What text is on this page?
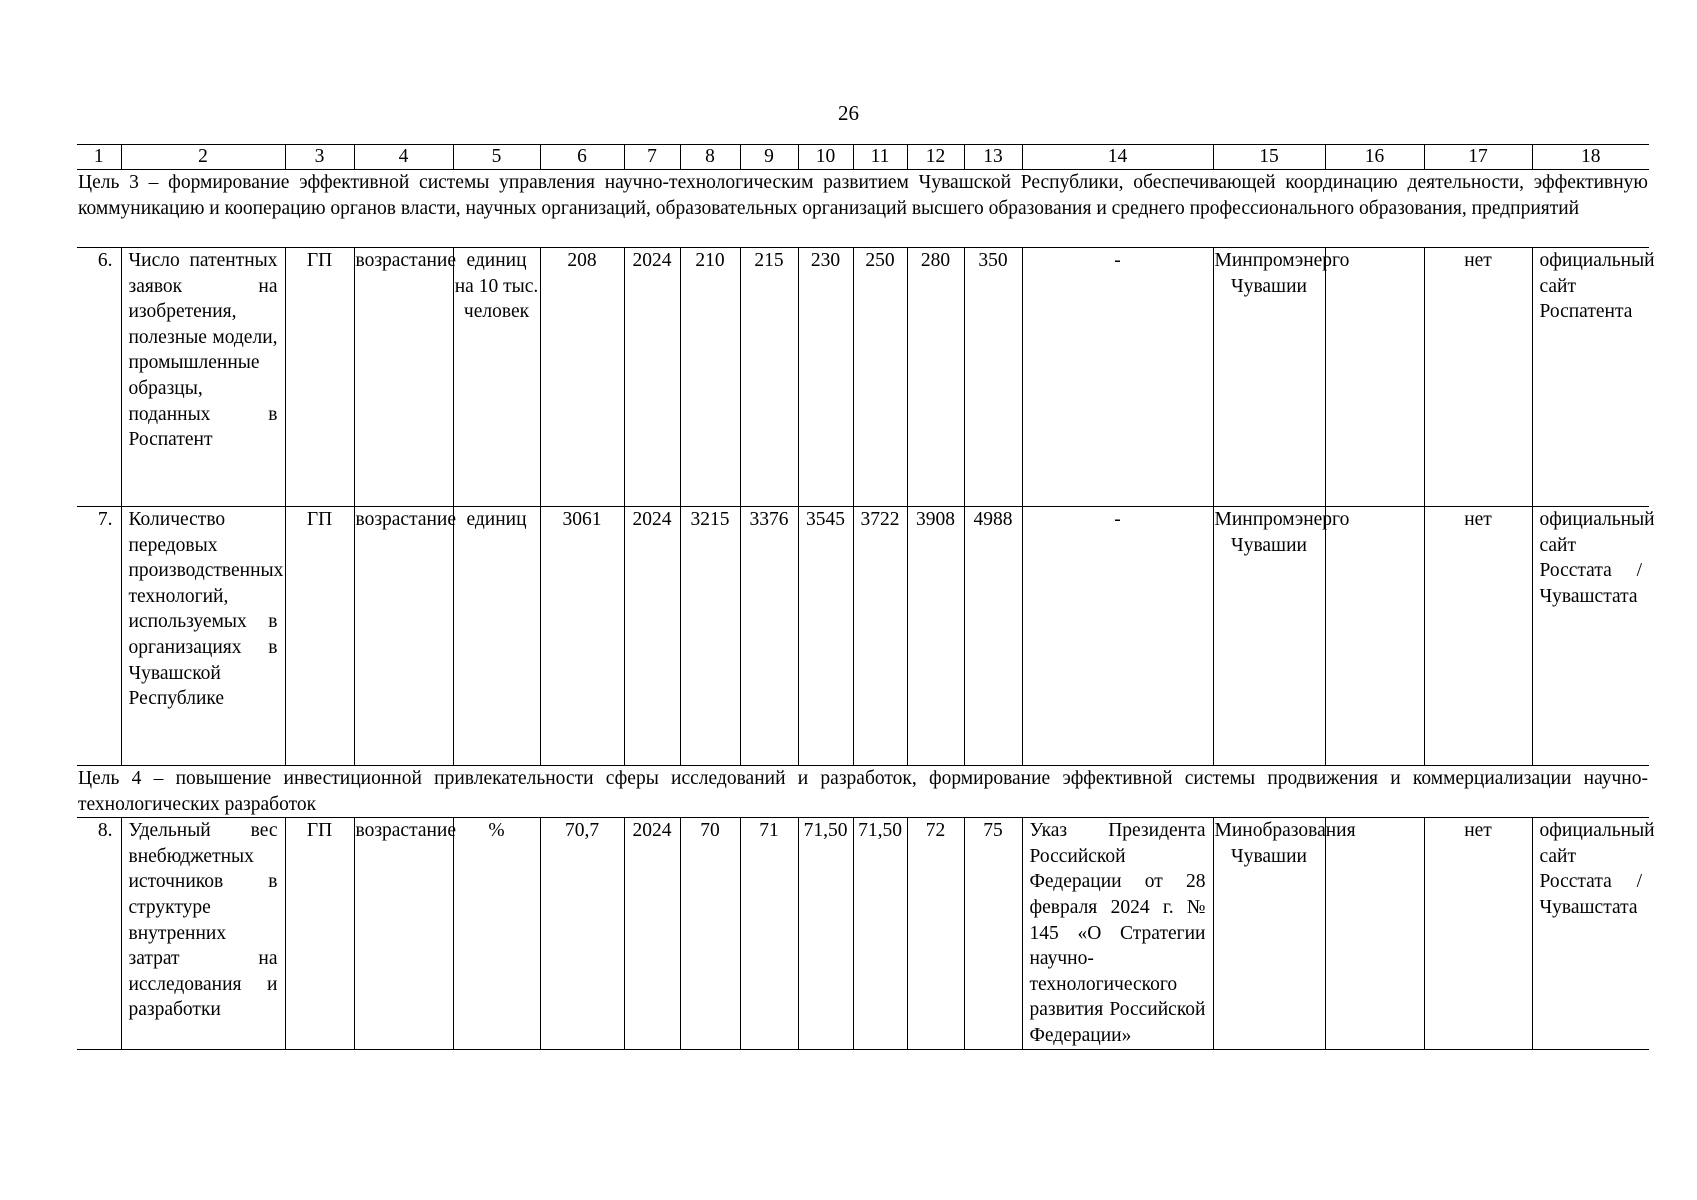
26
1	2	3	4	5	6	7	8	9	10	11	12	13	14	15	16	17	18
Цель 3 – формирование эффективной системы управления научно-технологическим развитием Чувашской Республики, обеспечивающей координацию деятельности, эффективную коммуникацию и кооперацию органов власти, научных организаций, образовательных организаций высшего образования и среднего профессионального образования, предприятий																	
6.	Число патентных заявок на изобретения, полезные модели, промышленные образцы, поданных в Роспатент	ГП	возрастание	единиц на 10 тыс. человек	208	2024	210	215	230	250	280	350	-	Минпромэнерго Чувашии		нет	официальный сайт Роспатента
7.	Количество передовых производственных технологий, используемых в организациях в Чувашской Республике	ГП	возрастание	единиц	3061	2024	3215	3376	3545	3722	3908	4988	-	Минпромэнерго Чувашии		нет	официальный сайт Росстата / Чувашстата
Цель 4 – повышение инвестиционной привлекательности сферы исследований и разработок, формирование эффективной системы продвижения и коммерциализации научно-технологических разработок																	
8.	Удельный вес внебюджетных источников в структуре внутренних затрат на исследования и разработки	ГП	возрастание	%	70,7	2024	70	71	71,50	71,50	72	75	Указ Президента Российской Федерации от 28 февраля 2024 г. № 145 «О Стратегии научно-технологического развития Российской Федерации»	Минобразования Чувашии		нет	официальный сайт Росстата / Чувашстата
